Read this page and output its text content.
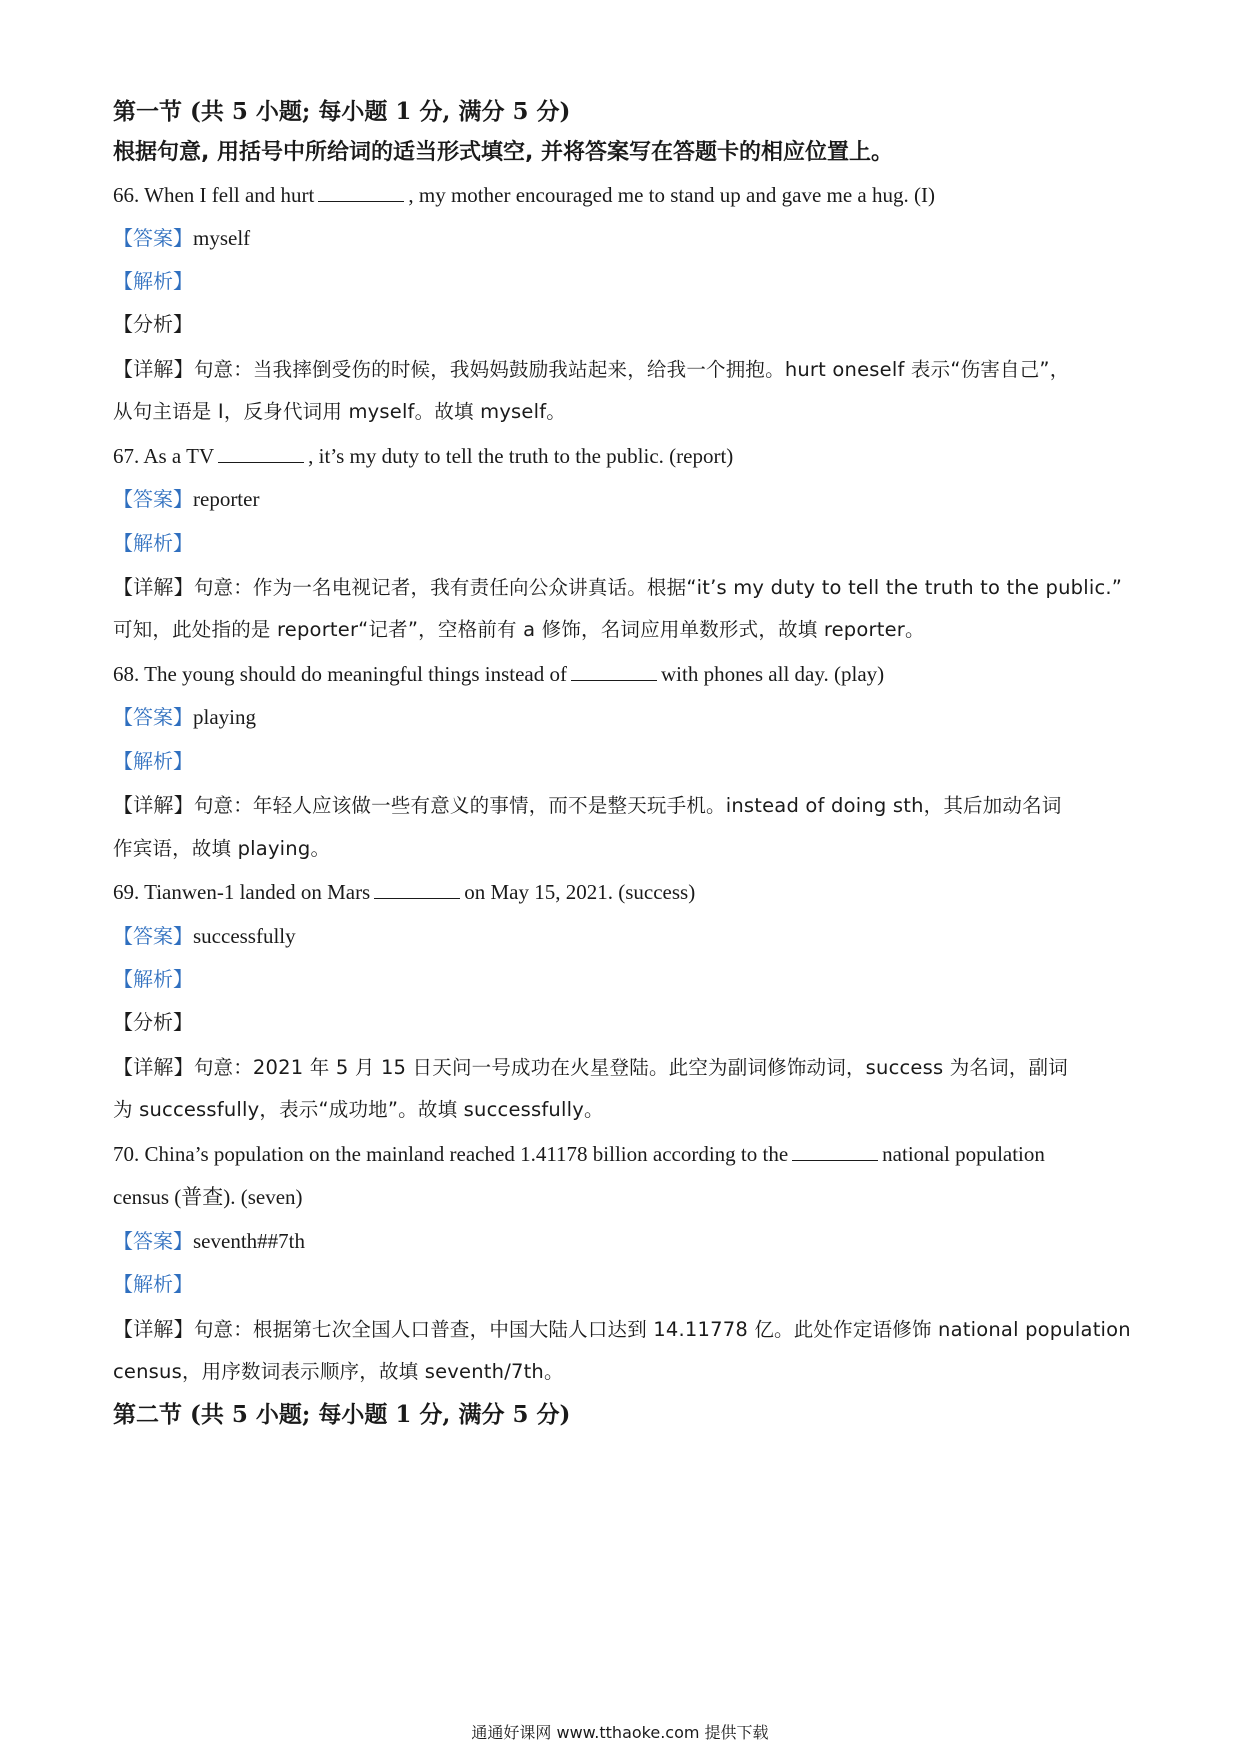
第一节 (共 5 小题; 每小题 1 分, 满分 5 分)
根据句意, 用括号中所给词的适当形式填空, 并将答案写在答题卡的相应位置上。
66. When I fell and hurt	, my mother encouraged me to stand up and gave me a hug. (I)
【答案】myself
【解析】
【分析】
【详解】句意：当我摔倒受伤的时候，我妈妈鼓励我站起来，给我一个拥抱。hurt oneself 表示“伤害自己”，
从句主语是 I，反身代词用 myself。故填 myself。
67. As a TV	, it’s my duty to tell the truth to the public. (report)
【答案】reporter
【解析】
【详解】句意：作为一名电视记者，我有责任向公众讲真话。根据“it’s my duty to tell the truth to the public.”
可知，此处指的是 reporter“记者”，空格前有 a 修饰，名词应用单数形式，故填 reporter。
68. The young should do meaningful things instead of	with phones all day. (play)
【答案】playing
【解析】
【详解】句意：年轻人应该做一些有意义的事情，而不是整天玩手机。instead of doing sth，其后加动名词
作宾语，故填 playing。
69. Tianwen-1 landed on Mars	on May 15, 2021. (success)
【答案】successfully
【解析】
【分析】
【详解】句意：2021 年 5 月 15 日天问一号成功在火星登陆。此空为副词修饰动词，success 为名词，副词
为 successfully，表示“成功地”。故填 successfully。
70. China’s population on the mainland reached 1.41178 billion according to the	national population
census (普查). (seven)
【答案】seventh##7th
【解析】
【详解】句意：根据第七次全国人口普查，中国大陆人口达到 14.11778 亿。此处作定语修饰 national population
census，用序数词表示顺序，故填 seventh/7th。
第二节 (共 5 小题; 每小题 1 分, 满分 5 分)
通通好课网 www.tthaoke.com 提供下载
